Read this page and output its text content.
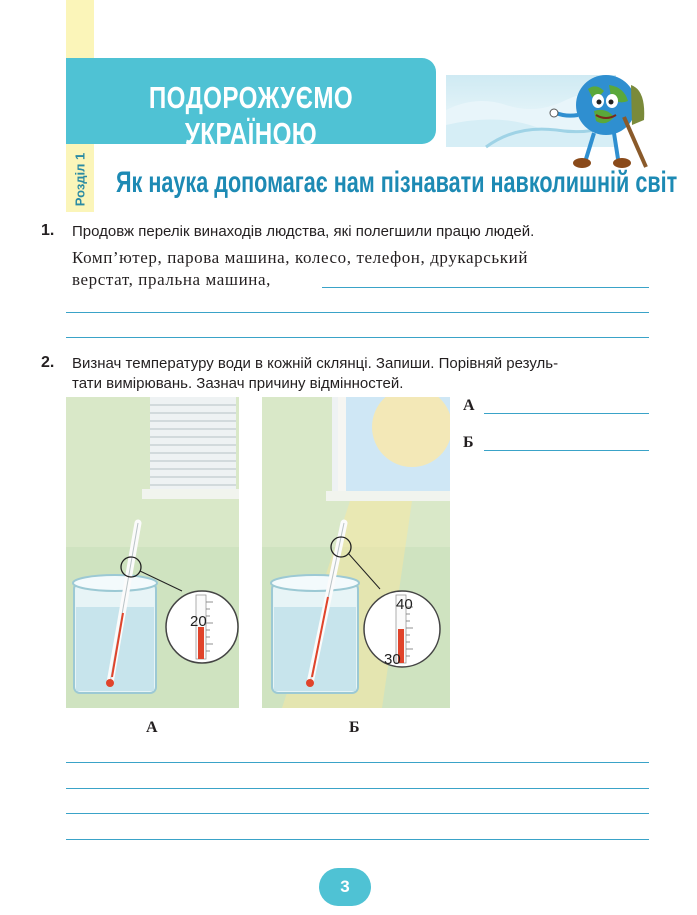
Розділ 1
ПОДОРОЖУЄМО УКРАЇНОЮ
Як наука допомагає нам пізнавати навколишній світ
1. Продовж перелік винаходів людства, які полегшили працю людей.
Комп’ютер, парова машина, колесо, телефон, друкарський
верстат, пральна машина,
2. Визнач температуру води в кожній склянці. Запиши. Порівняй резуль-
тати вимірювань. Зазнач причину відмінностей.
20
А
40
30
Б
А
Б
3
